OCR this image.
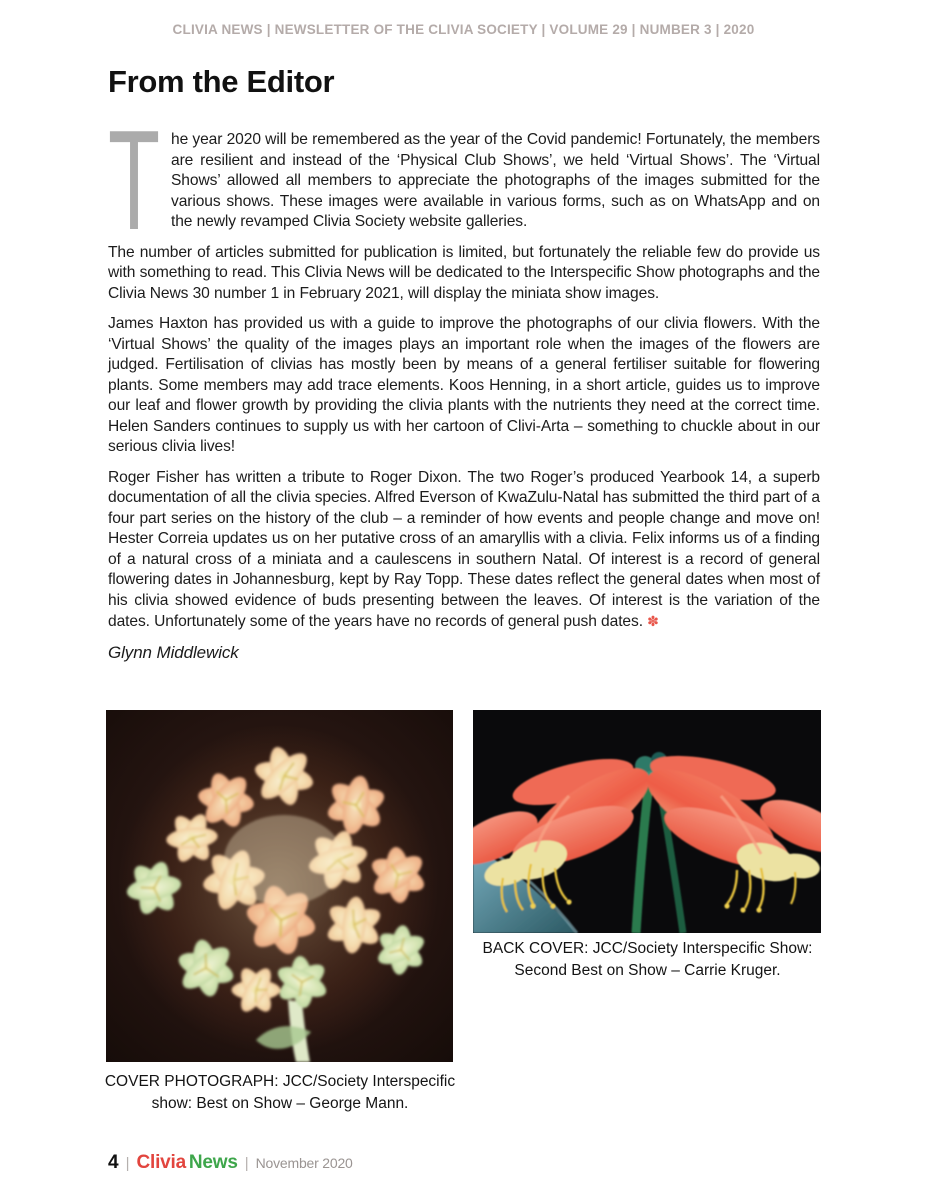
CLIVIA NEWS | NEWSLETTER OF THE CLIVIA SOCIETY | VOLUME 29 | NUMBER 3 | 2020
From the Editor

T he year 2020 will be remembered as the year of the Covid pandemic! Fortunately, the members are resilient and instead of the ‘Physical Club Shows’, we held ‘Virtual Shows’. The ‘Virtual Shows’ allowed all members to appreciate the photographs of the images submitted for the various shows. These images were available in various forms, such as on WhatsApp and on the newly revamped Clivia Society website galleries.

The number of articles submitted for publication is limited, but fortunately the reliable few do provide us with something to read. This Clivia News will be dedicated to the Interspecific Show photographs and the Clivia News 30 number 1 in February 2021, will display the miniata show images.

James Haxton has provided us with a guide to improve the photographs of our clivia flowers. With the ‘Virtual Shows’ the quality of the images plays an important role when the images of the flowers are judged. Fertilisation of clivias has mostly been by means of a general fertiliser suitable for flowering plants. Some members may add trace elements. Koos Henning, in a short article, guides us to improve our leaf and flower growth by providing the clivia plants with the nutrients they need at the correct time. Helen Sanders continues to supply us with her cartoon of Clivi-Arta – something to chuckle about in our serious clivia lives!

Roger Fisher has written a tribute to Roger Dixon. The two Roger’s produced Yearbook 14, a superb documentation of all the clivia species. Alfred Everson of KwaZulu-Natal has submitted the third part of a four part series on the history of the club – a reminder of how events and people change and move on! Hester Correia updates us on her putative cross of an amaryllis with a clivia. Felix informs us of a finding of a natural cross of a miniata and a caulescens in southern Natal. Of interest is a record of general flowering dates in Johannesburg, kept by Ray Topp. These dates reflect the general dates when most of his clivia showed evidence of buds presenting between the leaves. Of interest is the variation of the dates. Unfortunately some of the years have no records of general push dates. ✽

Glynn Middlewick
BACK COVER: JCC/Society Interspecific Show:
Second Best on Show – Carrie Kruger.
COVER PHOTOGRAPH: JCC/Society Interspecific
show: Best on Show – George Mann.
4 | Clivia News | November 2020
